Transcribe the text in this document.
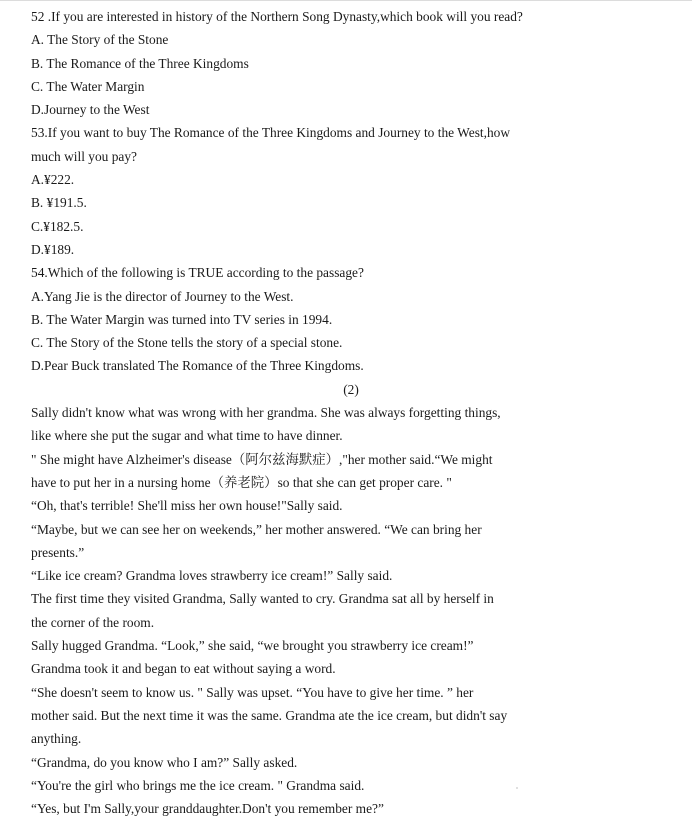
52 .If you are interested in history of the Northern Song Dynasty,which book will you read?
A. The Story of the Stone
B. The Romance of the Three Kingdoms
C. The Water Margin
D.Journey to the West
53.If you want to buy The Romance of the Three Kingdoms and Journey to the West,how
much will you pay?
A.¥222.
B. ¥191.5.
C.¥182.5.
D.¥189.
54.Which of the following is TRUE according to the passage?
A.Yang Jie is the director of Journey to the West.
B. The Water Margin was turned into TV series in 1994.
C. The Story of the Stone tells the story of a special stone.
D.Pear Buck translated The Romance of the Three Kingdoms.
(2)
Sally didn't know what was wrong with her grandma. She was always forgetting things,
like where she put the sugar and what time to have dinner.
" She might have Alzheimer's disease（阿尔兹海默症）,"her mother said.“We might
have to put her in a nursing home（养老院）so that she can get proper care. "
“Oh, that's terrible! She'll miss her own house!"Sally said.
“Maybe, but we can see her on weekends,” her mother answered. “We can bring her
presents.”
“Like ice cream? Grandma loves strawberry ice cream!” Sally said.
The first time they visited Grandma, Sally wanted to cry. Grandma sat all by herself in
the corner of the room.
Sally hugged Grandma. “Look,” she said, “we brought you strawberry ice cream!”
Grandma took it and began to eat without saying a word.
“She doesn't seem to know us. " Sally was upset. “You have to give her time. ” her
mother said. But the next time it was the same. Grandma ate the ice cream, but didn't say
anything.
“Grandma, do you know who I am?” Sally asked.
“You're the girl who brings me the ice cream. " Grandma said.
“Yes, but I'm Sally,your granddaughter.Don't you remember me?”
